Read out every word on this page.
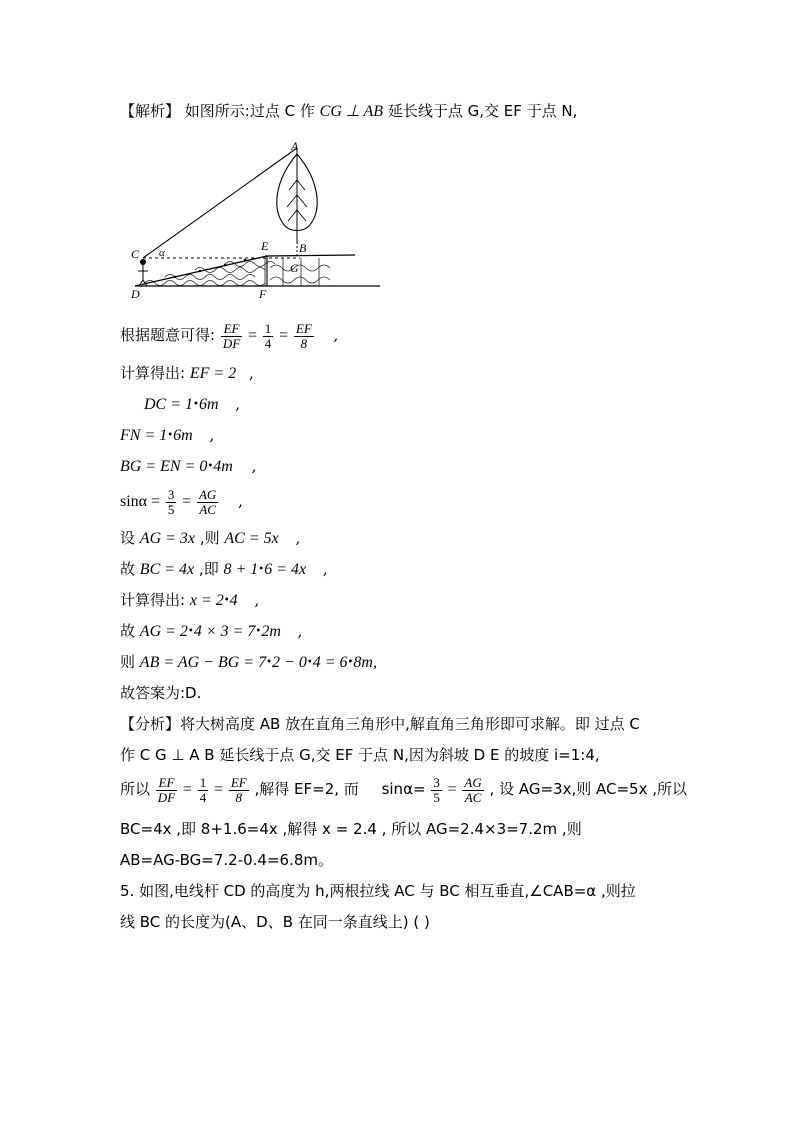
【解析】 如图所示:过点 C 作 CG ⊥ AB 延长线于点 G,交 EF 于点 N,
A
B
C
D
E
F
G
α
根据题意可得: $\frac{EF}{DF} = \frac{1}{4} = \frac{EF}{8}$ ,
计算得出: EF = 2 ,
DC = 1•6m ,
FN = 1•6m ,
BG = EN = 0•4m ,
$\sin\alpha = \frac{3}{5} = \frac{AG}{AC}$ ,
设 AG = 3x ,则 AC = 5x ,
故 BC = 4x ,即 8 + 1•6 = 4x ,
计算得出: x = 2•4 ,
故 AG = 2•4 × 3 = 7•2m ,
则 AB = AG − BG = 7•2 − 0•4 = 6•8m,
故答案为:D.
【分析】将大树高度 AB 放在直角三角形中,解直角三角形即可求解。即 过点 C
作 C G ⊥ A B 延长线于点 G,交 EF 于点 N,因为斜坡 D E 的坡度 i=1:4,
所以 $\frac{EF}{DF} = \frac{1}{4} = \frac{EF}{8}$ ,解得 EF=2, 而 $\sin\alpha= \frac{3}{5} = \frac{AG}{AC}$ , 设 AG=3x,则 AC=5x ,所以
BC=4x ,即 8+1.6=4x ,解得 x = 2.4 , 所以 AG=2.4×3=7.2m ,则
AB=AG-BG=7.2-0.4=6.8m。
5. 如图,电线杆 CD 的高度为 h,两根拉线 AC 与 BC 相互垂直,∠CAB=α ,则拉
线 BC 的长度为(A、D、B 在同一条直线上) ( )
